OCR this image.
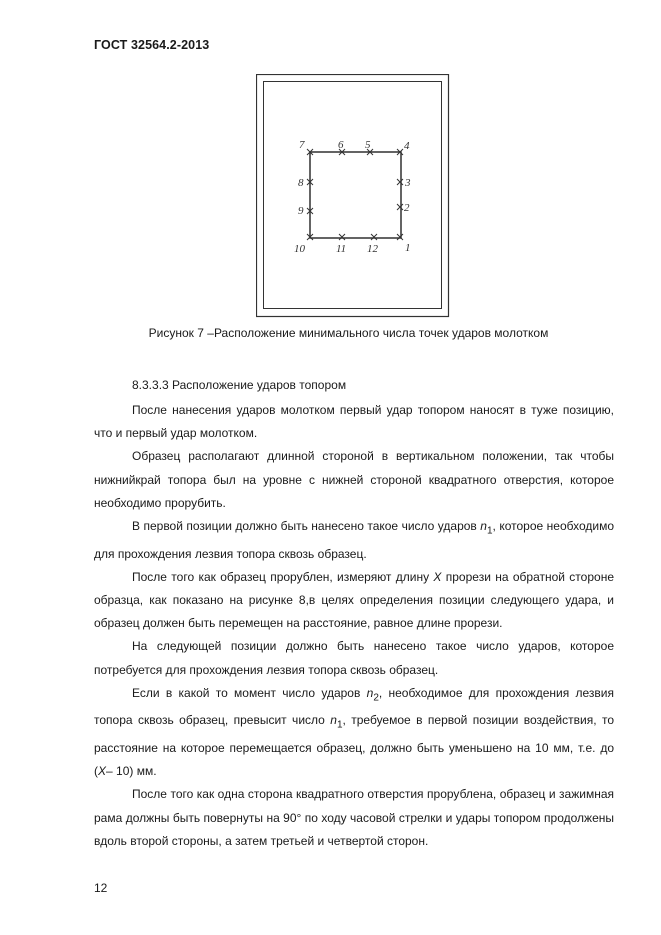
ГОСТ 32564.2-2013
1
2
3
4
5
6
7
8
9
10	11 12
Рисунок 7 –Расположение минимального числа точек ударов молотком
8.3.3.3 Расположение ударов топором

После нанесения ударов молотком первый удар топором наносят в туже позицию, что и первый удар молотком.

Образец располагают длинной стороной в вертикальном положении, так чтобы нижнийкрай топора был на уровне с нижней стороной квадратного отверстия, которое необходимо прорубить.

В первой позиции должно быть нанесено такое число ударов $n_1$, которое необходимо для прохождения лезвия топора сквозь образец.

После того как образец прорублен, измеряют длину X прорези на обратной стороне образца, как показано на рисунке 8,в целях определения позиции следующего удара, и образец должен быть перемещен на расстояние, равное длине прорези.

На следующей позиции должно быть нанесено такое число ударов, которое потребуется для прохождения лезвия топора сквозь образец.

Если в какой то момент число ударов $n_2$, необходимое для прохождения лезвия топора сквозь образец, превысит число $n_1$, требуемое в первой позиции воздействия, то расстояние на которое перемещается образец, должно быть уменьшено на 10 мм, т.е. до (X– 10) мм.

После того как одна сторона квадратного отверстия прорублена, образец и зажимная рама должны быть повернуты на 90° по ходу часовой стрелки и удары топором продолжены вдоль второй стороны, а затем третьей и четвертой сторон.

12
